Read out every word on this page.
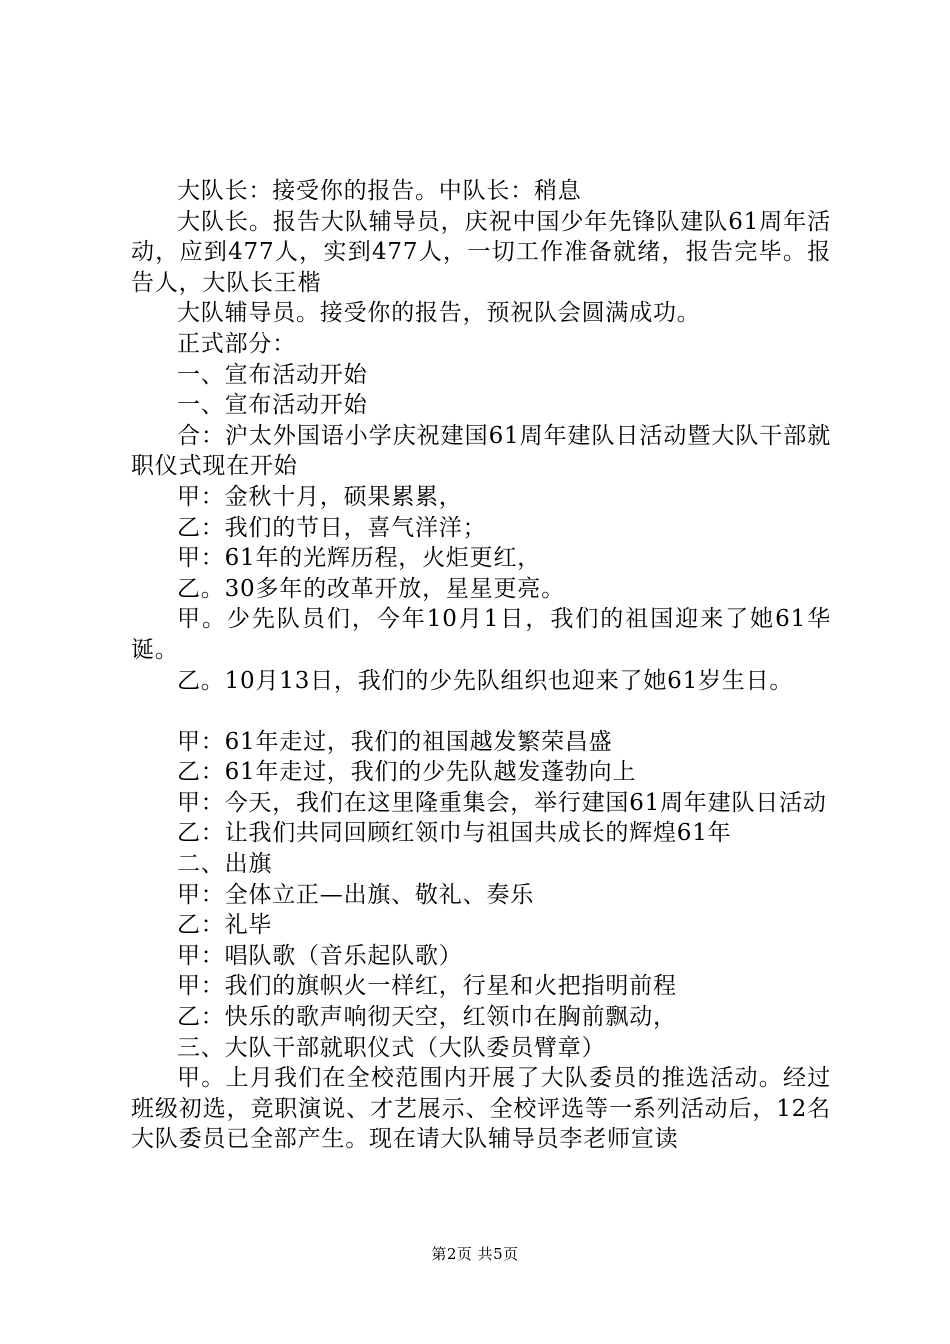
大队长：接受你的报告。中队长：稍息

大队长。报告大队辅导员，庆祝中国少年先锋队建队61周年活动，应到477人，实到477人，一切工作准备就绪，报告完毕。报告人，大队长王楷

大队辅导员。接受你的报告，预祝队会圆满成功。

正式部分：

一、宣布活动开始

一、宣布活动开始

合：沪太外国语小学庆祝建国61周年建队日活动暨大队干部就职仪式现在开始

甲：金秋十月，硕果累累，

乙：我们的节日，喜气洋洋；

甲：61年的光辉历程，火炬更红，

乙。30多年的改革开放，星星更亮。

甲。少先队员们，今年10月1日，我们的祖国迎来了她61华诞。

乙。10月13日，我们的少先队组织也迎来了她61岁生日。

甲：61年走过，我们的祖国越发繁荣昌盛

乙：61年走过，我们的少先队越发蓬勃向上

甲：今天，我们在这里隆重集会，举行建国61周年建队日活动

乙：让我们共同回顾红领巾与祖国共成长的辉煌61年

二、出旗

甲：全体立正—出旗、敬礼、奏乐

乙：礼毕

甲：唱队歌（音乐起队歌）

甲：我们的旗帜火一样红，行星和火把指明前程

乙：快乐的歌声响彻天空，红领巾在胸前飘动，

三、大队干部就职仪式（大队委员臂章）

甲。上月我们在全校范围内开展了大队委员的推选活动。经过班级初选，竞职演说、才艺展示、全校评选等一系列活动后，12名大队委员已全部产生。现在请大队辅导员李老师宣读

第2页 共5页
